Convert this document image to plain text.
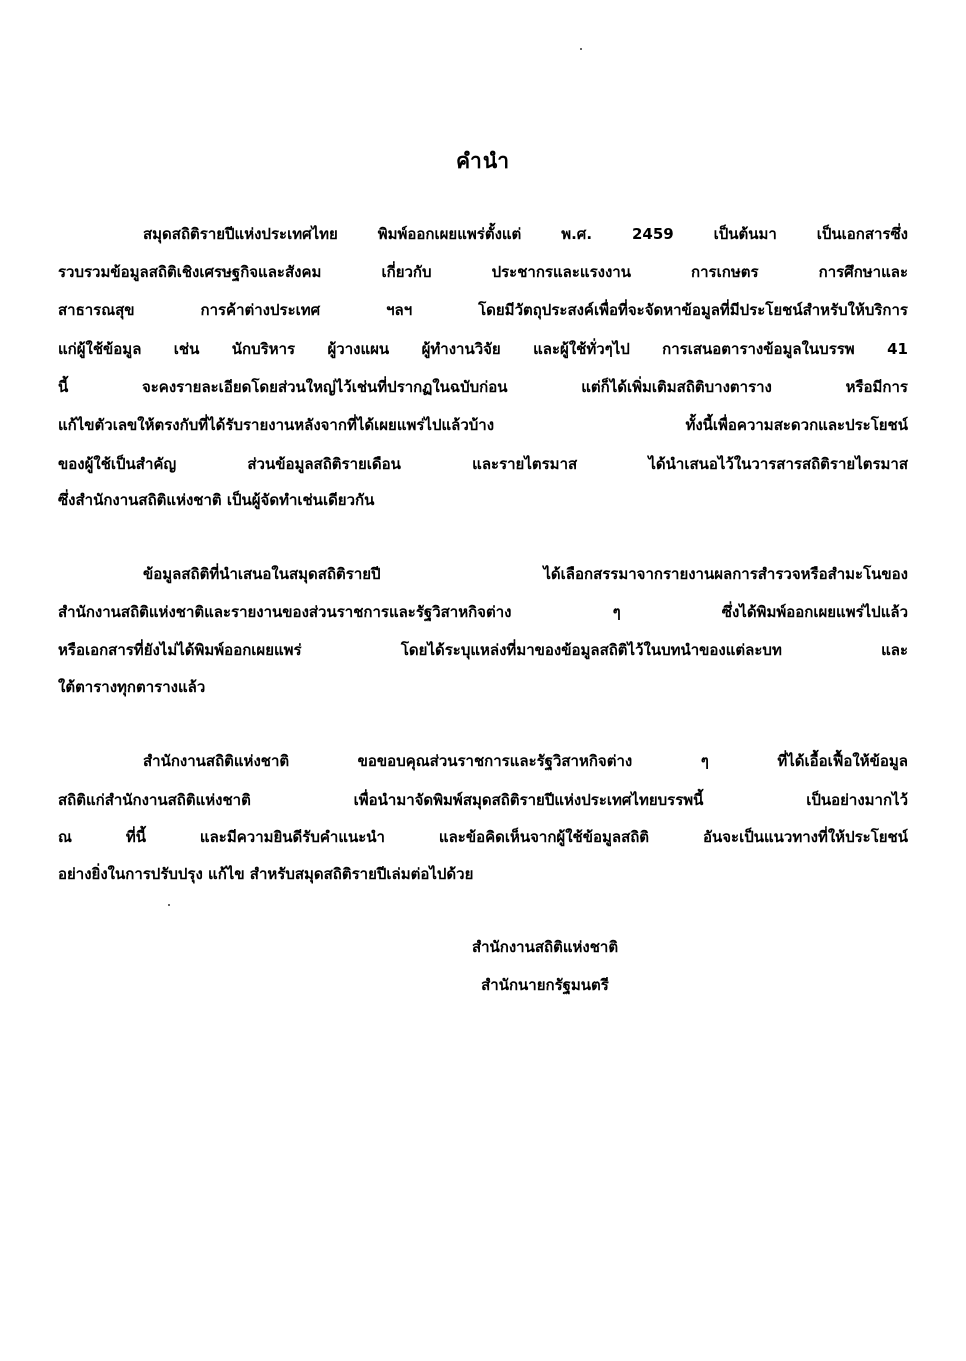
คำนำ
สมุดสถิติรายปีแห่งประเทศไทย พิมพ์ออกเผยแพร่ตั้งแต่ พ.ศ. 2459 เป็นต้นมา เป็นเอกสารซึ่ง
รวบรวมข้อมูลสถิติเชิงเศรษฐกิจและสังคม เกี่ยวกับ ประชากรและแรงงาน การเกษตร การศึกษาและ
สาธารณสุข การค้าต่างประเทศ ฯลฯ โดยมีวัตถุประสงค์เพื่อที่จะจัดหาข้อมูลที่มีประโยชน์สำหรับให้บริการ
แก่ผู้ใช้ข้อมูล เช่น นักบริหาร ผู้วางแผน ผู้ทำงานวิจัย และผู้ใช้ทั่วๆไป การเสนอตารางข้อมูลในบรรพ 41
นี้ จะคงรายละเอียดโดยส่วนใหญ่ไว้เช่นที่ปรากฏในฉบับก่อน แต่ก็ได้เพิ่มเติมสถิติบางตาราง หรือมีการ
แก้ไขตัวเลขให้ตรงกับที่ได้รับรายงานหลังจากที่ได้เผยแพร่ไปแล้วบ้าง ทั้งนี้เพื่อความสะดวกและประโยชน์
ของผู้ใช้เป็นสำคัญ ส่วนข้อมูลสถิติรายเดือน และรายไตรมาส ได้นำเสนอไว้ในวารสารสถิติรายไตรมาส
ซึ่งสำนักงานสถิติแห่งชาติ เป็นผู้จัดทำเช่นเดียวกัน
ข้อมูลสถิติที่นำเสนอในสมุดสถิติรายปี ได้เลือกสรรมาจากรายงานผลการสำรวจหรือสำมะโนของ
สำนักงานสถิติแห่งชาติและรายงานของส่วนราชการและรัฐวิสาหกิจต่าง ๆ ซึ่งได้พิมพ์ออกเผยแพร่ไปแล้ว
หรือเอกสารที่ยังไม่ได้พิมพ์ออกเผยแพร่ โดยได้ระบุแหล่งที่มาของข้อมูลสถิติไว้ในบทนำของแต่ละบท และ
ใต้ตารางทุกตารางแล้ว
สำนักงานสถิติแห่งชาติ ขอขอบคุณส่วนราชการและรัฐวิสาหกิจต่าง ๆ ที่ได้เอื้อเฟื้อให้ข้อมูล
สถิติแก่สำนักงานสถิติแห่งชาติ เพื่อนำมาจัดพิมพ์สมุดสถิติรายปีแห่งประเทศไทยบรรพนี้ เป็นอย่างมากไว้
ณ ที่นี้ และมีความยินดีรับคำแนะนำ และข้อคิดเห็นจากผู้ใช้ข้อมูลสถิติ อันจะเป็นแนวทางที่ให้ประโยชน์
อย่างยิ่งในการปรับปรุง แก้ไข สำหรับสมุดสถิติรายปีเล่มต่อไปด้วย
สำนักงานสถิติแห่งชาติ
สำนักนายกรัฐมนตรี
